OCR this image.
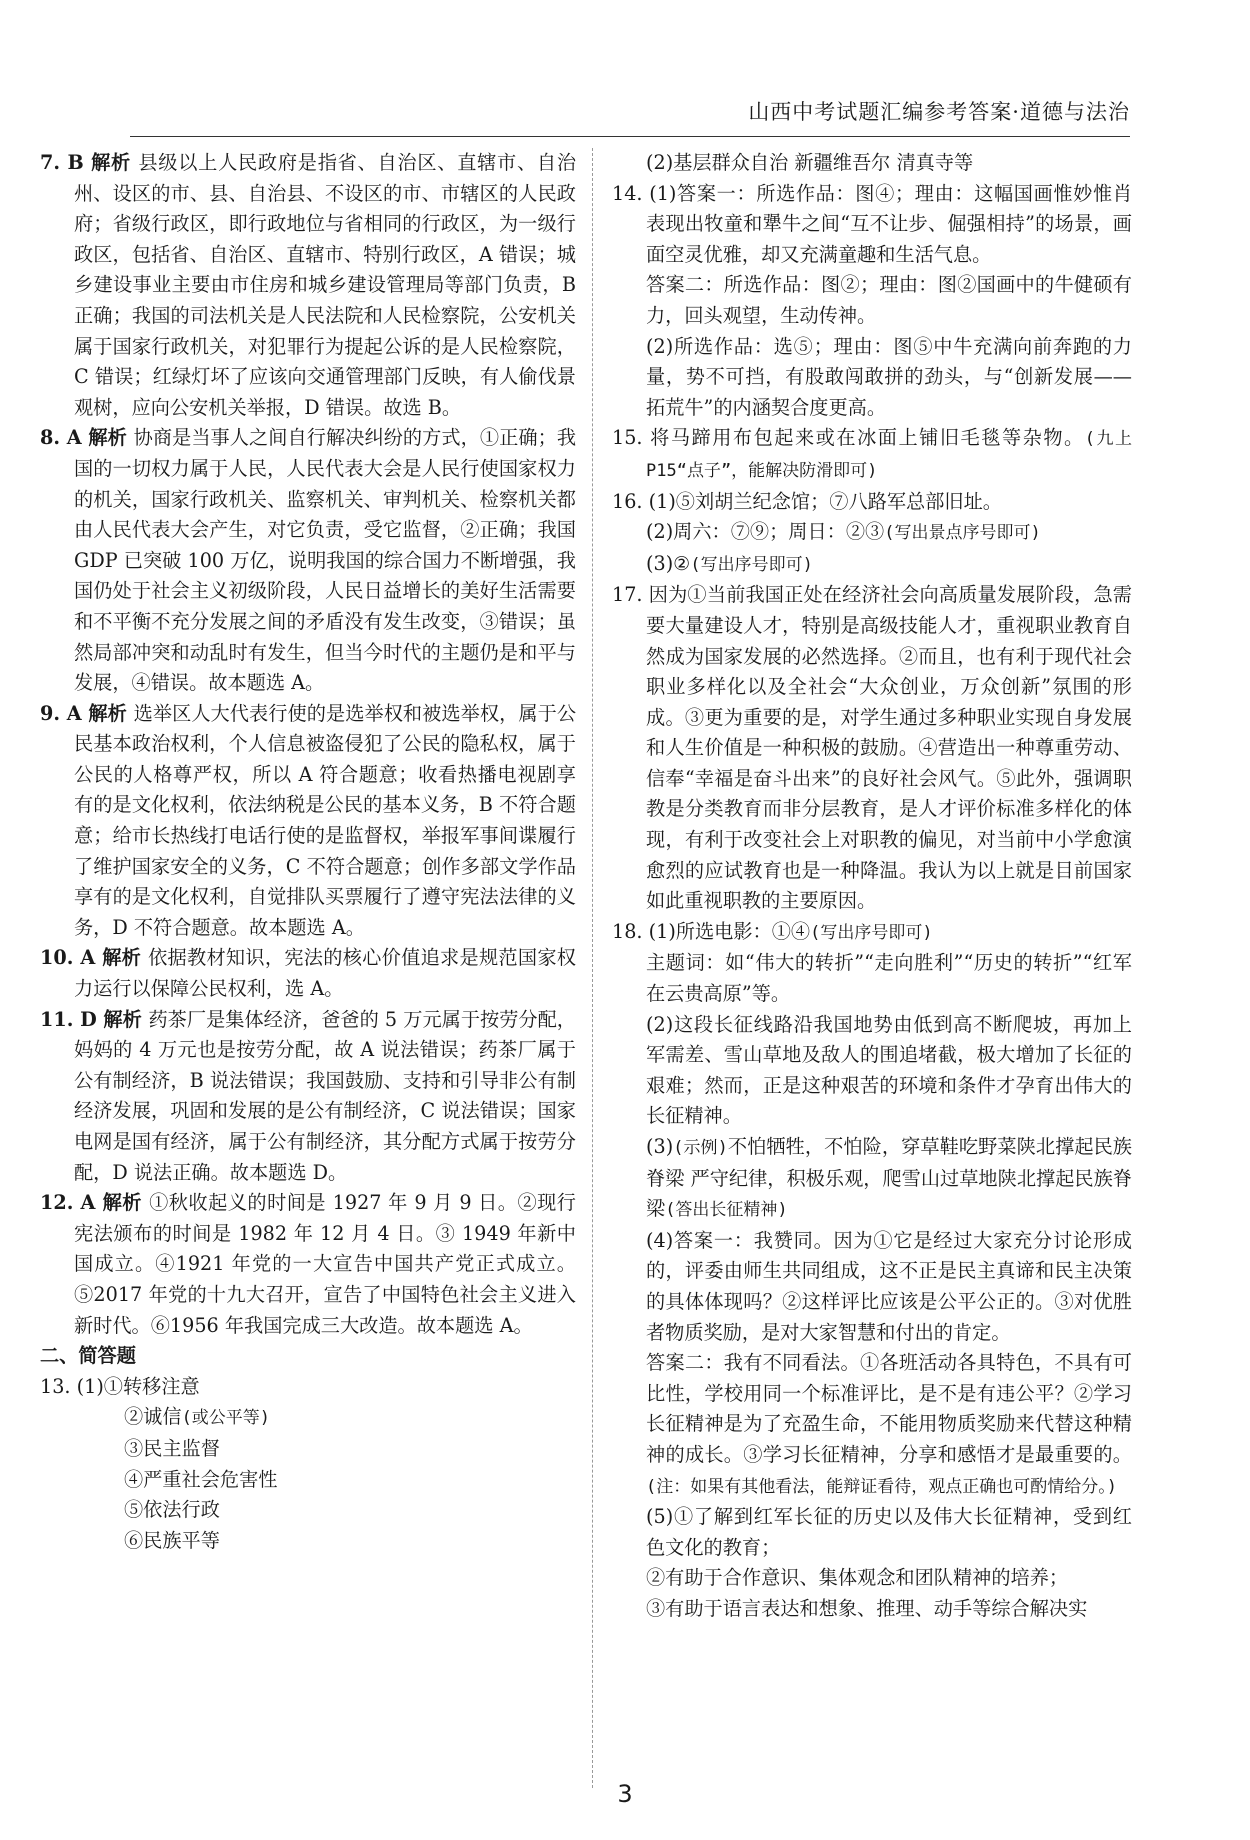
山西中考试题汇编参考答案·道德与法治

7. B 解析 县级以上人民政府是指省、自治区、直辖市、自治州、设区的市、县、自治县、不设区的市、市辖区的人民政府；省级行政区，即行政地位与省相同的行政区，为一级行政区，包括省、自治区、直辖市、特别行政区，A 错误；城乡建设事业主要由市住房和城乡建设管理局等部门负责，B 正确；我国的司法机关是人民法院和人民检察院，公安机关属于国家行政机关，对犯罪行为提起公诉的是人民检察院，C 错误；红绿灯坏了应该向交通管理部门反映，有人偷伐景观树，应向公安机关举报，D 错误。故选 B。

8. A 解析 协商是当事人之间自行解决纠纷的方式，①正确；我国的一切权力属于人民，人民代表大会是人民行使国家权力的机关，国家行政机关、监察机关、审判机关、检察机关都由人民代表大会产生，对它负责，受它监督，②正确；我国 GDP 已突破 100 万亿，说明我国的综合国力不断增强，我国仍处于社会主义初级阶段，人民日益增长的美好生活需要和不平衡不充分发展之间的矛盾没有发生改变，③错误；虽然局部冲突和动乱时有发生，但当今时代的主题仍是和平与发展，④错误。故本题选 A。

9. A 解析 选举区人大代表行使的是选举权和被选举权，属于公民基本政治权利，个人信息被盗侵犯了公民的隐私权，属于公民的人格尊严权，所以 A 符合题意；收看热播电视剧享有的是文化权利，依法纳税是公民的基本义务，B 不符合题意；给市长热线打电话行使的是监督权，举报军事间谍履行了维护国家安全的义务，C 不符合题意；创作多部文学作品享有的是文化权利，自觉排队买票履行了遵守宪法法律的义务，D 不符合题意。故本题选 A。

10. A 解析 依据教材知识，宪法的核心价值追求是规范国家权力运行以保障公民权利，选 A。

11. D 解析 药茶厂是集体经济，爸爸的 5 万元属于按劳分配，妈妈的 4 万元也是按劳分配，故 A 说法错误；药茶厂属于公有制经济，B 说法错误；我国鼓励、支持和引导非公有制经济发展，巩固和发展的是公有制经济，C 说法错误；国家电网是国有经济，属于公有制经济，其分配方式属于按劳分配，D 说法正确。故本题选 D。

12. A 解析 ①秋收起义的时间是 1927 年 9 月 9 日。②现行宪法颁布的时间是 1982 年 12 月 4 日。③ 1949 年新中国成立。④1921 年党的一大宣告中国共产党正式成立。⑤2017 年党的十九大召开，宣告了中国特色社会主义进入新时代。⑥1956 年我国完成三大改造。故本题选 A。

二、简答题

13. (1)①转移注意

②诚信(或公平等)

③民主监督

④严重社会危害性

⑤依法行政

⑥民族平等

(2)基层群众自治 新疆维吾尔 清真寺等

14. (1)答案一：所选作品：图④；理由：这幅国画惟妙惟肖表现出牧童和犟牛之间“互不让步、倔强相持”的场景，画面空灵优雅，却又充满童趣和生活气息。

答案二：所选作品：图②；理由：图②国画中的牛健硕有力，回头观望，生动传神。

(2)所选作品：选⑤；理由：图⑤中牛充满向前奔跑的力量，势不可挡，有股敢闯敢拼的劲头，与“创新发展——拓荒牛”的内涵契合度更高。

15. 将马蹄用布包起来或在冰面上铺旧毛毯等杂物。(九上P15“点子”，能解决防滑即可)

16. (1)⑤刘胡兰纪念馆；⑦八路军总部旧址。

(2)周六：⑦⑨；周日：②③(写出景点序号即可)

(3)②(写出序号即可)

17. 因为①当前我国正处在经济社会向高质量发展阶段，急需要大量建设人才，特别是高级技能人才，重视职业教育自然成为国家发展的必然选择。②而且，也有利于现代社会职业多样化以及全社会“大众创业，万众创新”氛围的形成。③更为重要的是，对学生通过多种职业实现自身发展和人生价值是一种积极的鼓励。④营造出一种尊重劳动、信奉“幸福是奋斗出来”的良好社会风气。⑤此外，强调职教是分类教育而非分层教育，是人才评价标准多样化的体现，有利于改变社会上对职教的偏见，对当前中小学愈演愈烈的应试教育也是一种降温。我认为以上就是目前国家如此重视职教的主要原因。

18. (1)所选电影：①④(写出序号即可)

主题词：如“伟大的转折”“走向胜利”“历史的转折”“红军在云贵高原”等。

(2)这段长征线路沿我国地势由低到高不断爬坡，再加上军需差、雪山草地及敌人的围追堵截，极大增加了长征的艰难；然而，正是这种艰苦的环境和条件才孕育出伟大的长征精神。

(3)(示例)不怕牺牲，不怕险，穿草鞋吃野菜陕北撑起民族脊梁 严守纪律，积极乐观，爬雪山过草地陕北撑起民族脊梁(答出长征精神)

(4)答案一：我赞同。因为①它是经过大家充分讨论形成的，评委由师生共同组成，这不正是民主真谛和民主决策的具体体现吗？②这样评比应该是公平公正的。③对优胜者物质奖励，是对大家智慧和付出的肯定。

答案二：我有不同看法。①各班活动各具特色，不具有可比性，学校用同一个标准评比，是不是有违公平？②学习长征精神是为了充盈生命，不能用物质奖励来代替这种精神的成长。③学习长征精神，分享和感悟才是最重要的。(注：如果有其他看法，能辩证看待，观点正确也可酌情给分。)

(5)①了解到红军长征的历史以及伟大长征精神，受到红色文化的教育；

②有助于合作意识、集体观念和团队精神的培养；

③有助于语言表达和想象、推理、动手等综合解决实

3
